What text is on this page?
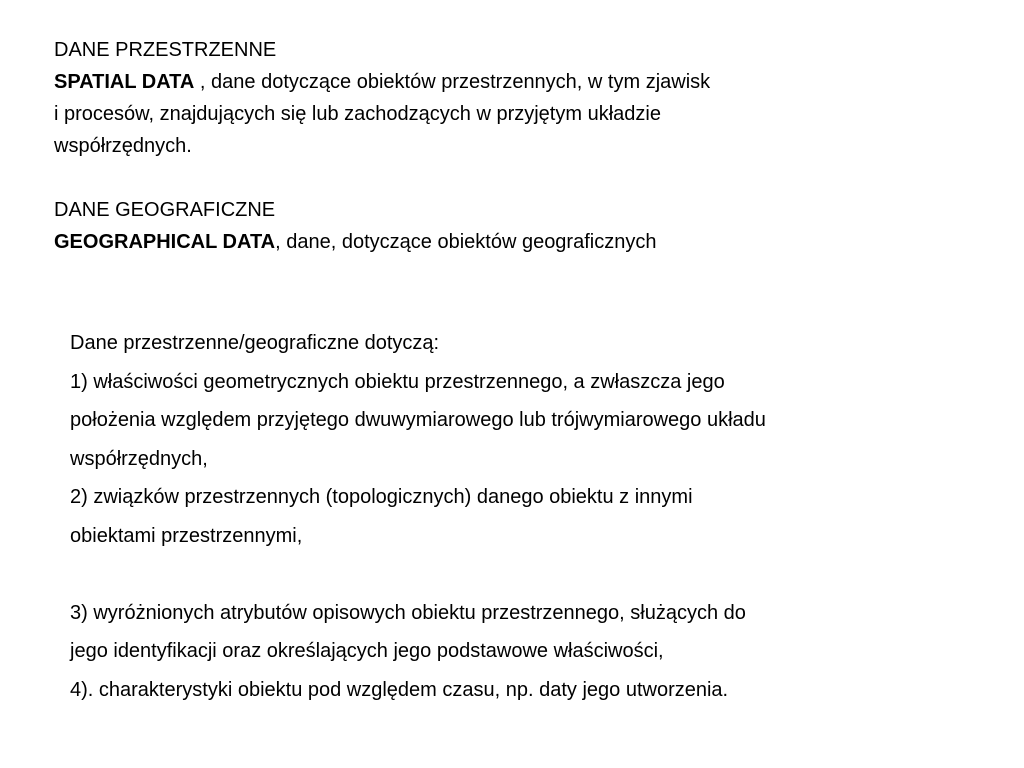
DANE PRZESTRZENNE

SPATIAL DATA , dane dotyczące obiektów przestrzennych, w tym zjawisk

i procesów, znajdujących się lub zachodzących w przyjętym układzie

współrzędnych.

DANE GEOGRAFICZNE

GEOGRAPHICAL DATA, dane, dotyczące obiektów geograficznych

Dane przestrzenne/geograficzne dotyczą:

1) właściwości geometrycznych obiektu przestrzennego, a zwłaszcza jego

położenia względem przyjętego dwuwymiarowego lub trójwymiarowego układu

współrzędnych,

2) związków przestrzennych (topologicznych) danego obiektu z innymi

obiektami przestrzennymi,

3) wyróżnionych atrybutów opisowych obiektu przestrzennego, służących do

jego identyfikacji oraz określających jego podstawowe właściwości,

4). charakterystyki obiektu pod względem czasu, np. daty jego utworzenia.
